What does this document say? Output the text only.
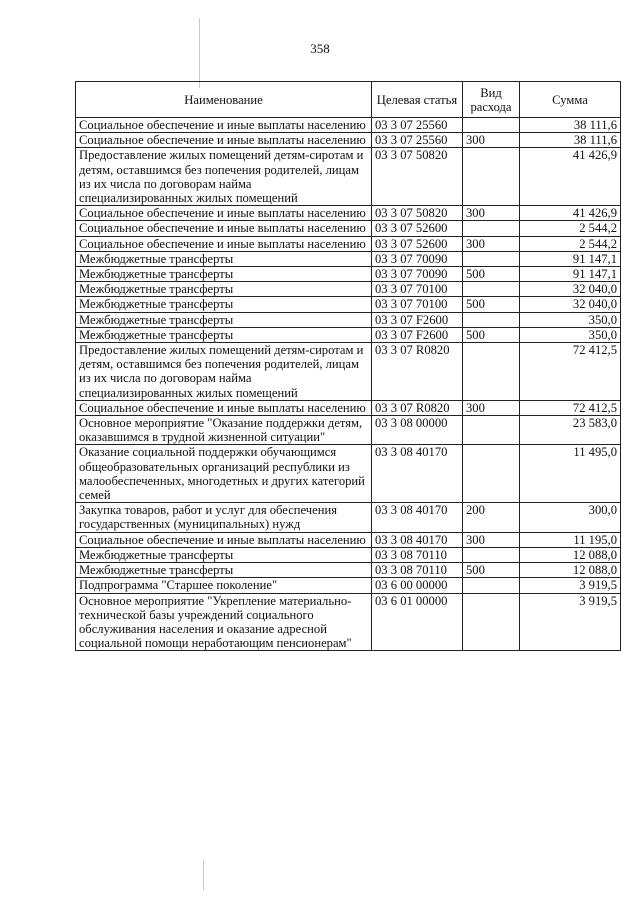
358
Наименование	Целевая статья	Вид расхода	Сумма
Социальное обеспечение и иные выплаты населению	03 3 07 25560		38 111,6
Социальное обеспечение и иные выплаты населению	03 3 07 25560	300	38 111,6
Предоставление жилых помещений детям-сиротам и детям, оставшимся без попечения родителей, лицам из их числа по договорам найма специализированных жилых помещений	03 3 07 50820		41 426,9
Социальное обеспечение и иные выплаты населению	03 3 07 50820	300	41 426,9
Социальное обеспечение и иные выплаты населению	03 3 07 52600		2 544,2
Социальное обеспечение и иные выплаты населению	03 3 07 52600	300	2 544,2
Межбюджетные трансферты	03 3 07 70090		91 147,1
Межбюджетные трансферты	03 3 07 70090	500	91 147,1
Межбюджетные трансферты	03 3 07 70100		32 040,0
Межбюджетные трансферты	03 3 07 70100	500	32 040,0
Межбюджетные трансферты	03 3 07 F2600		350,0
Межбюджетные трансферты	03 3 07 F2600	500	350,0
Предоставление жилых помещений детям-сиротам и детям, оставшимся без попечения родителей, лицам из их числа по договорам найма специализированных жилых помещений	03 3 07 R0820		72 412,5
Социальное обеспечение и иные выплаты населению	03 3 07 R0820	300	72 412,5
Основное мероприятие "Оказание поддержки детям, оказавшимся в трудной жизненной ситуации"	03 3 08 00000		23 583,0
Оказание социальной поддержки обучающимся общеобразовательных организаций республики из малообеспеченных, многодетных и других категорий семей	03 3 08 40170		11 495,0
Закупка товаров, работ и услуг для обеспечения государственных (муниципальных) нужд	03 3 08 40170	200	300,0
Социальное обеспечение и иные выплаты населению	03 3 08 40170	300	11 195,0
Межбюджетные трансферты	03 3 08 70110		12 088,0
Межбюджетные трансферты	03 3 08 70110	500	12 088,0
Подпрограмма "Старшее поколение"	03 6 00 00000		3 919,5
Основное мероприятие "Укрепление материально-технической базы учреждений социального обслуживания населения и оказание адресной социальной помощи неработающим пенсионерам"	03 6 01 00000		3 919,5
